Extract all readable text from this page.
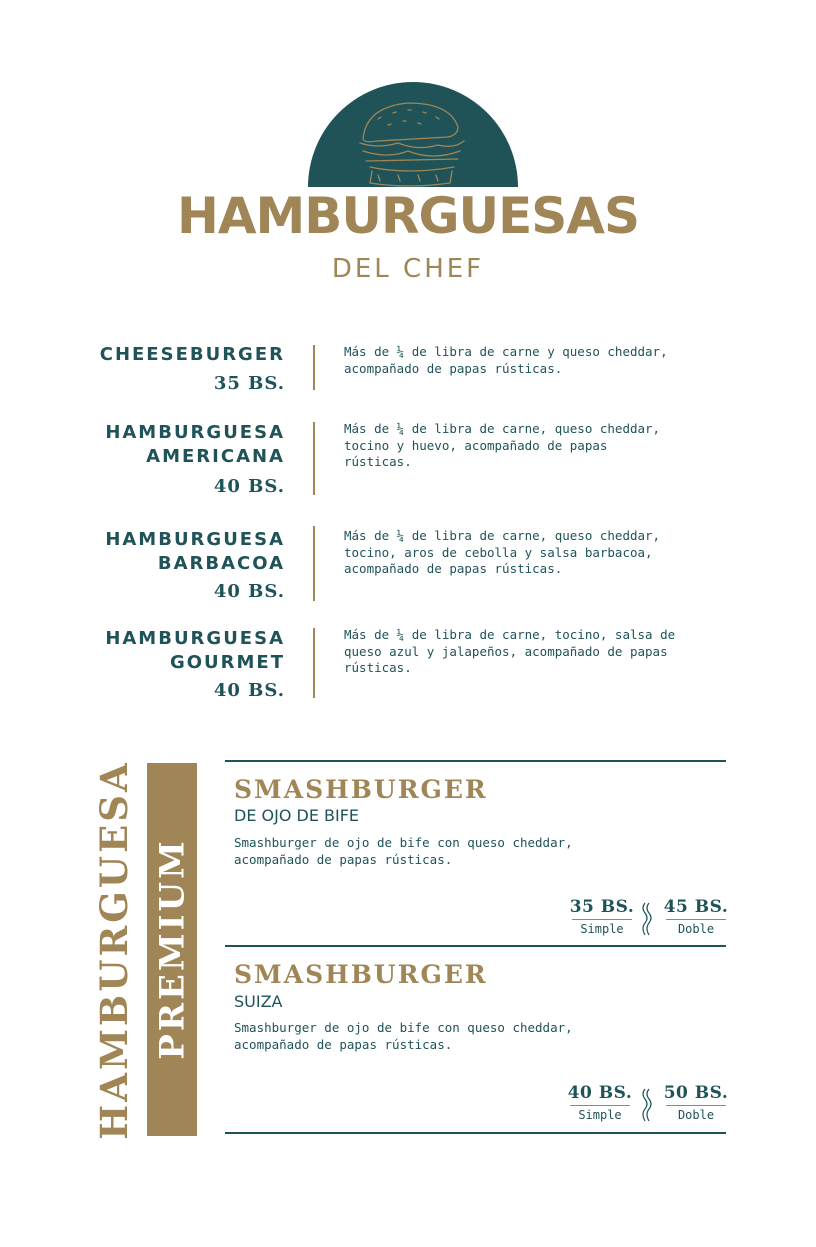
HAMBURGUESAS
DEL CHEF
CHEESEBURGER
35 BS.
Más de ¼ de libra de carne y queso cheddar,
acompañado de papas rústicas.
HAMBURGUESA
AMERICANA
40 BS.
Más de ¼ de libra de carne, queso cheddar,
tocino y huevo, acompañado de papas
rústicas.
HAMBURGUESA
BARBACOA
40 BS.
Más de ¼ de libra de carne, queso cheddar,
tocino, aros de cebolla y salsa barbacoa,
acompañado de papas rústicas.
HAMBURGUESA
GOURMET
40 BS.
Más de ¼ de libra de carne, tocino, salsa de
queso azul y jalapeños, acompañado de papas
rústicas.
HAMBURGUESA PREMIUM
SMASHBURGER
DE OJO DE BIFE
Smashburger de ojo de bife con queso cheddar,
acompañado de papas rústicas.
35 BS.
Simple
45 BS.
Doble
SMASHBURGER
SUIZA
Smashburger de ojo de bife con queso cheddar,
acompañado de papas rústicas.
40 BS.
Simple
50 BS.
Doble
